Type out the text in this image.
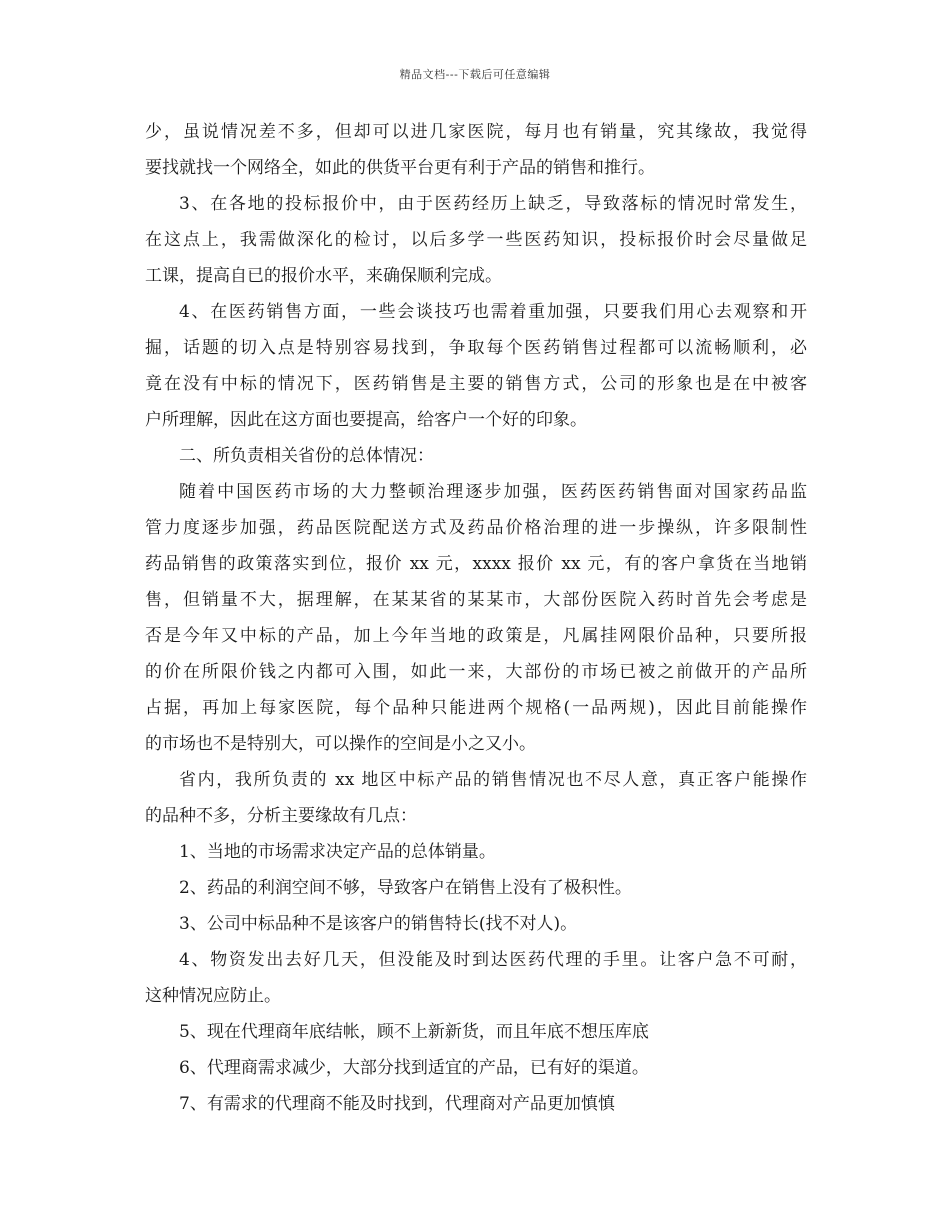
精品文档---下载后可任意编辑
少，虽说情况差不多，但却可以进几家医院，每月也有销量，究其缘故，我觉得
要找就找一个网络全，如此的供货平台更有利于产品的销售和推行。
3、在各地的投标报价中，由于医药经历上缺乏，导致落标的情况时常发生，
在这点上，我需做深化的检讨，以后多学一些医药知识，投标报价时会尽量做足
工课，提高自已的报价水平，来确保顺利完成。
4、在医药销售方面，一些会谈技巧也需着重加强，只要我们用心去观察和开
掘，话题的切入点是特别容易找到，争取每个医药销售过程都可以流畅顺利，必
竟在没有中标的情况下，医药销售是主要的销售方式，公司的形象也是在中被客
户所理解，因此在这方面也要提高，给客户一个好的印象。
二、所负责相关省份的总体情况：
随着中国医药市场的大力整顿治理逐步加强，医药医药销售面对国家药品监
管力度逐步加强，药品医院配送方式及药品价格治理的进一步操纵，许多限制性
药品销售的政策落实到位，报价 xx 元，xxxx 报价 xx 元，有的客户拿货在当地销
售，但销量不大，据理解，在某某省的某某市，大部份医院入药时首先会考虑是
否是今年又中标的产品，加上今年当地的政策是，凡属挂网限价品种，只要所报
的价在所限价钱之内都可入围，如此一来，大部份的市场已被之前做开的产品所
占据，再加上每家医院，每个品种只能进两个规格(一品两规)，因此目前能操作
的市场也不是特别大，可以操作的空间是小之又小。
省内，我所负责的 xx 地区中标产品的销售情况也不尽人意，真正客户能操作
的品种不多，分析主要缘故有几点：
1、当地的市场需求决定产品的总体销量。
2、药品的利润空间不够，导致客户在销售上没有了极积性。
3、公司中标品种不是该客户的销售特长(找不对人)。
4、物资发出去好几天，但没能及时到达医药代理的手里。让客户急不可耐，
这种情况应防止。
5、现在代理商年底结帐，顾不上新新货，而且年底不想压库底
6、代理商需求减少，大部分找到适宜的产品，已有好的渠道。
7、有需求的代理商不能及时找到，代理商对产品更加慎慎
